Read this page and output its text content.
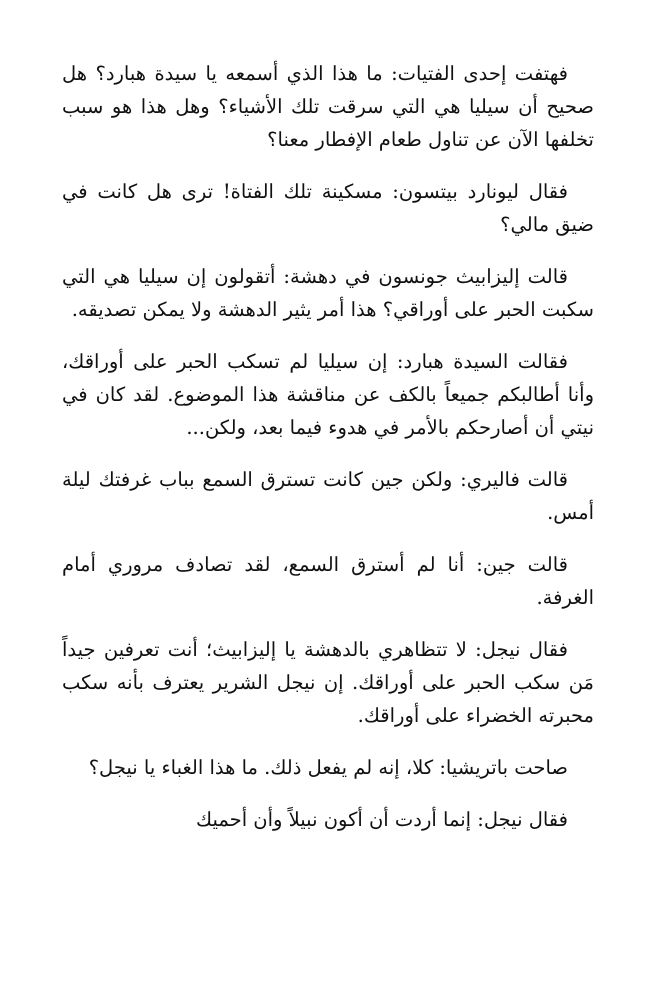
فهتفت إحدى الفتيات: ما هذا الذي أسمعه يا سيدة هبارد؟ هل صحيح أن سيليا هي التي سرقت تلك الأشياء؟ وهل هذا هو سبب تخلفها الآن عن تناول طعام الإفطار معنا؟

فقال ليونارد بيتسون: مسكينة تلك الفتاة! ترى هل كانت في ضيق مالي؟

قالت إليزابيث جونسون في دهشة: أتقولون إن سيليا هي التي سكبت الحبر على أوراقي؟ هذا أمر يثير الدهشة ولا يمكن تصديقه.

فقالت السيدة هبارد: إن سيليا لم تسكب الحبر على أوراقك، وأنا أطالبكم جميعاً بالكف عن مناقشة هذا الموضوع. لقد كان في نيتي أن أصارحكم بالأمر في هدوء فيما بعد، ولكن...

قالت فاليري: ولكن جين كانت تسترق السمع بباب غرفتك ليلة أمس.

قالت جين: أنا لم أسترق السمع، لقد تصادف مروري أمام الغرفة.

فقال نيجل: لا تتظاهري بالدهشة يا إليزابيث؛ أنت تعرفين جيداً مَن سكب الحبر على أوراقك. إن نيجل الشرير يعترف بأنه سكب محبرته الخضراء على أوراقك.

صاحت باتريشيا: كلا، إنه لم يفعل ذلك. ما هذا الغباء يا نيجل؟

فقال نيجل: إنما أردت أن أكون نبيلاً وأن أحميك
